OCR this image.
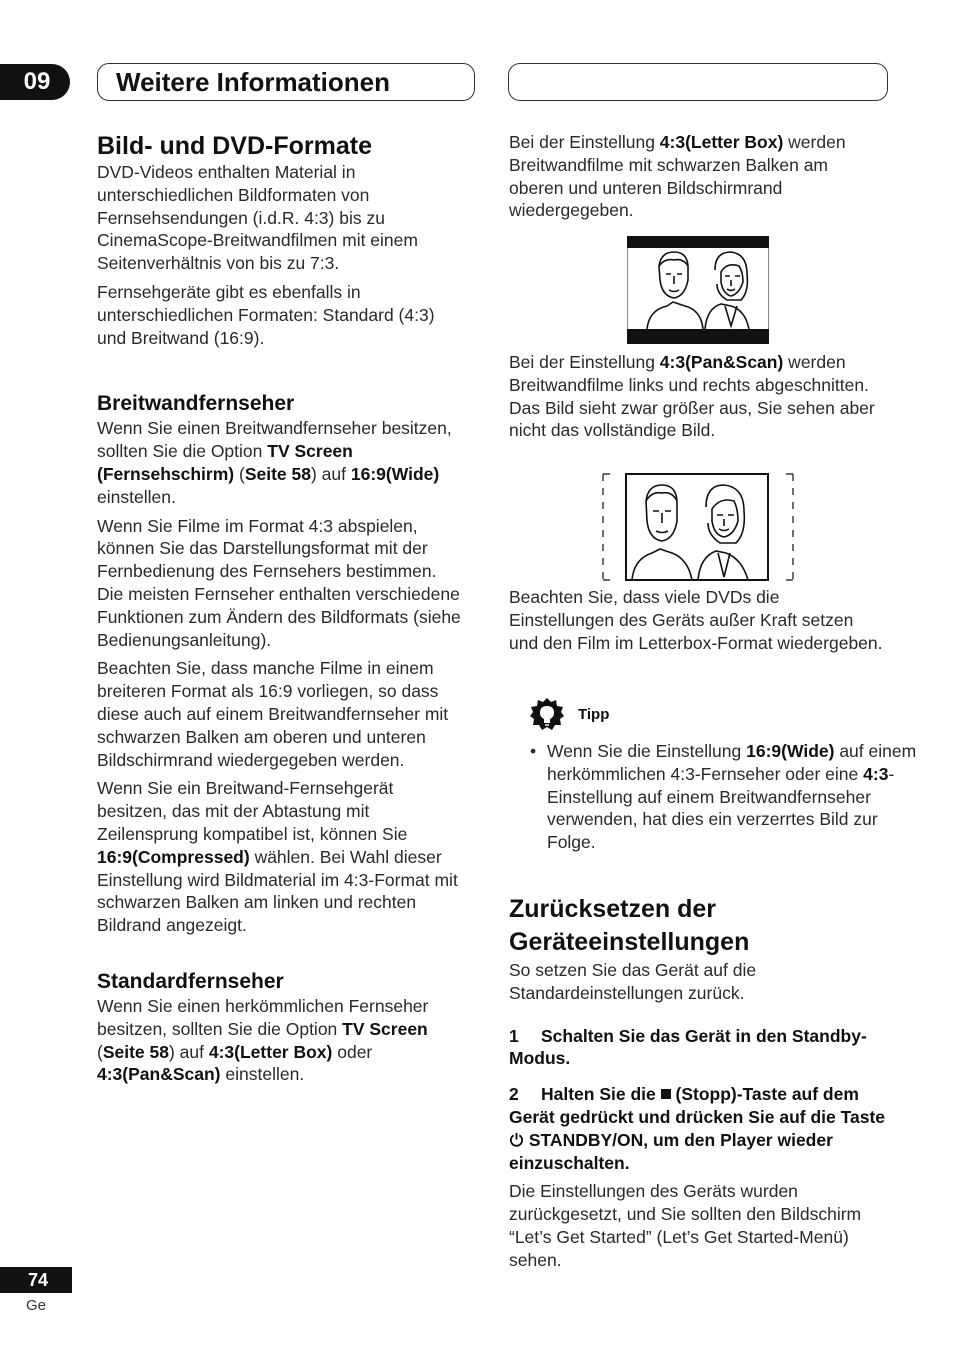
09	Weitere Informationen
Bild- und DVD-Formate

DVD-Videos enthalten Material in unterschiedlichen Bildformaten von Fernsehsendungen (i.d.R. 4:3) bis zu CinemaScope-Breitwandfilmen mit einem Seitenverhältnis von bis zu 7:3.

Fernsehgeräte gibt es ebenfalls in unterschiedlichen Formaten: Standard (4:3) und Breitwand (16:9).

Breitwandfernseher

Wenn Sie einen Breitwandfernseher besitzen, sollten Sie die Option TV Screen (Fernsehschirm) (Seite 58) auf 16:9(Wide) einstellen.

Wenn Sie Filme im Format 4:3 abspielen, können Sie das Darstellungsformat mit der Fernbedienung des Fernsehers bestimmen. Die meisten Fernseher enthalten verschiedene Funktionen zum Ändern des Bildformats (siehe Bedienungsanleitung).

Beachten Sie, dass manche Filme in einem breiteren Format als 16:9 vorliegen, so dass diese auch auf einem Breitwandfernseher mit schwarzen Balken am oberen und unteren Bildschirmrand wiedergegeben werden.

Wenn Sie ein Breitwand-Fernsehgerät besitzen, das mit der Abtastung mit Zeilensprung kompatibel ist, können Sie 16:9(Compressed) wählen. Bei Wahl dieser Einstellung wird Bildmaterial im 4:3-Format mit schwarzen Balken am linken und rechten Bildrand angezeigt.

Standardfernseher

Wenn Sie einen herkömmlichen Fernseher besitzen, sollten Sie die Option TV Screen (Seite 58) auf 4:3(Letter Box) oder 4:3(Pan&Scan) einstellen.

Bei der Einstellung 4:3(Letter Box) werden Breitwandfilme mit schwarzen Balken am oberen und unteren Bildschirmrand wiedergegeben.

Bei der Einstellung 4:3(Pan&Scan) werden Breitwandfilme links und rechts abgeschnitten. Das Bild sieht zwar größer aus, Sie sehen aber nicht das vollständige Bild.

Beachten Sie, dass viele DVDs die Einstellungen des Geräts außer Kraft setzen und den Film im Letterbox-Format wiedergeben.

Tipp
• Wenn Sie die Einstellung 16:9(Wide) auf einem herkömmlichen 4:3-Fernseher oder eine 4:3-Einstellung auf einem Breitwandfernseher verwenden, hat dies ein verzerrtes Bild zur Folge.
Zurücksetzen der
Geräteeinstellungen

So setzen Sie das Gerät auf die Standardeinstellungen zurück.

1 Schalten Sie das Gerät in den Standby-Modus.

2 Halten Sie die  (Stopp)-Taste auf dem Gerät gedrückt und drücken Sie auf die Taste  STANDBY/ON, um den Player wieder einzuschalten.

Die Einstellungen des Geräts wurden zurückgesetzt, und Sie sollten den Bildschirm “Let’s Get Started” (Let’s Get Started-Menü) sehen.

74
Ge
